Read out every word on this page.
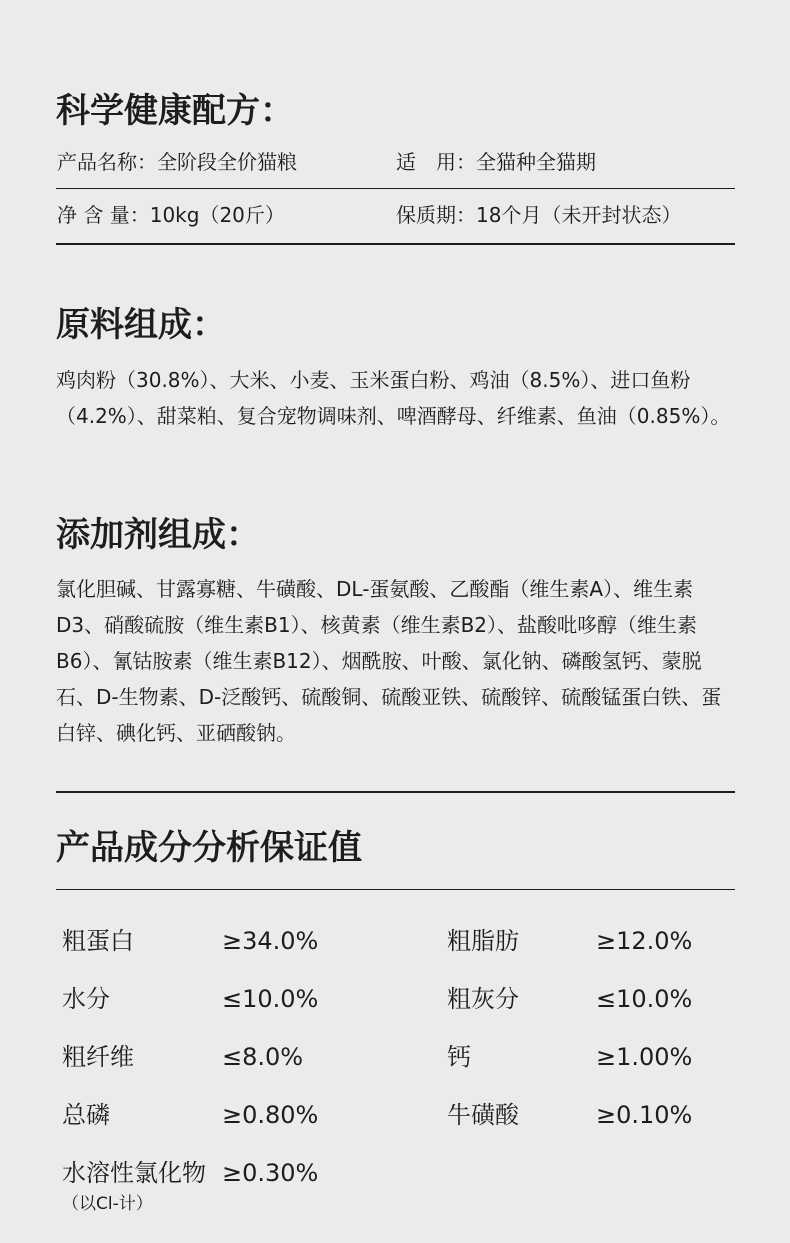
科学健康配方：
产品名称：全阶段全价猫粮	适　用：全猫种全猫期
净 含 量：10kg（20斤）	保质期：18个月（未开封状态）
原料组成：

鸡肉粉（30.8%）、大米、小麦、玉米蛋白粉、鸡油（8.5%）、进口鱼粉（4.2%）、甜菜粕、复合宠物调味剂、啤酒酵母、纤维素、鱼油（0.85%）。

添加剂组成：

氯化胆碱、甘露寡糖、牛磺酸、DL-蛋氨酸、乙酸酯（维生素A）、维生素D3、硝酸硫胺（维生素B1）、核黄素（维生素B2）、盐酸吡哆醇（维生素B6）、氰钴胺素（维生素B12）、烟酰胺、叶酸、氯化钠、磷酸氢钙、蒙脱石、D-生物素、D-泛酸钙、硫酸铜、硫酸亚铁、硫酸锌、硫酸锰蛋白铁、蛋白锌、碘化钙、亚硒酸钠。

产品成分分析保证值
粗蛋白	≥34.0%	粗脂肪	≥12.0%
水分	≤10.0%	粗灰分	≤10.0%
粗纤维	≤8.0%	钙	≥1.00%
总磷	≥0.80%	牛磺酸	≥0.10%
水溶性氯化物 ≥0.30%
（以Cl-计）
